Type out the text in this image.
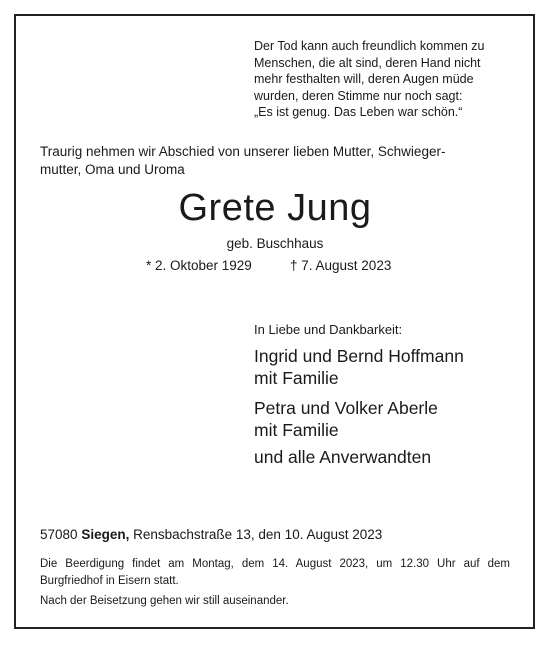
Der Tod kann auch freundlich kommen zu
Menschen, die alt sind, deren Hand nicht
mehr festhalten will, deren Augen müde
wurden, deren Stimme nur noch sagt:
„Es ist genug. Das Leben war schön.“
Traurig nehmen wir Abschied von unserer lieben Mutter, Schwieger-
mutter, Oma und Uroma
Grete Jung
geb. Buschhaus
* 2. Oktober 1929	† 7. August 2023
In Liebe und Dankbarkeit:
Ingrid und Bernd Hoffmann
mit Familie
Petra und Volker Aberle
mit Familie
und alle Anverwandten
57080 Siegen, Rensbachstraße 13, den 10. August 2023
Die Beerdigung findet am Montag, dem 14. August 2023, um 12.30 Uhr auf dem Burgfriedhof in Eisern statt.
Nach der Beisetzung gehen wir still auseinander.
